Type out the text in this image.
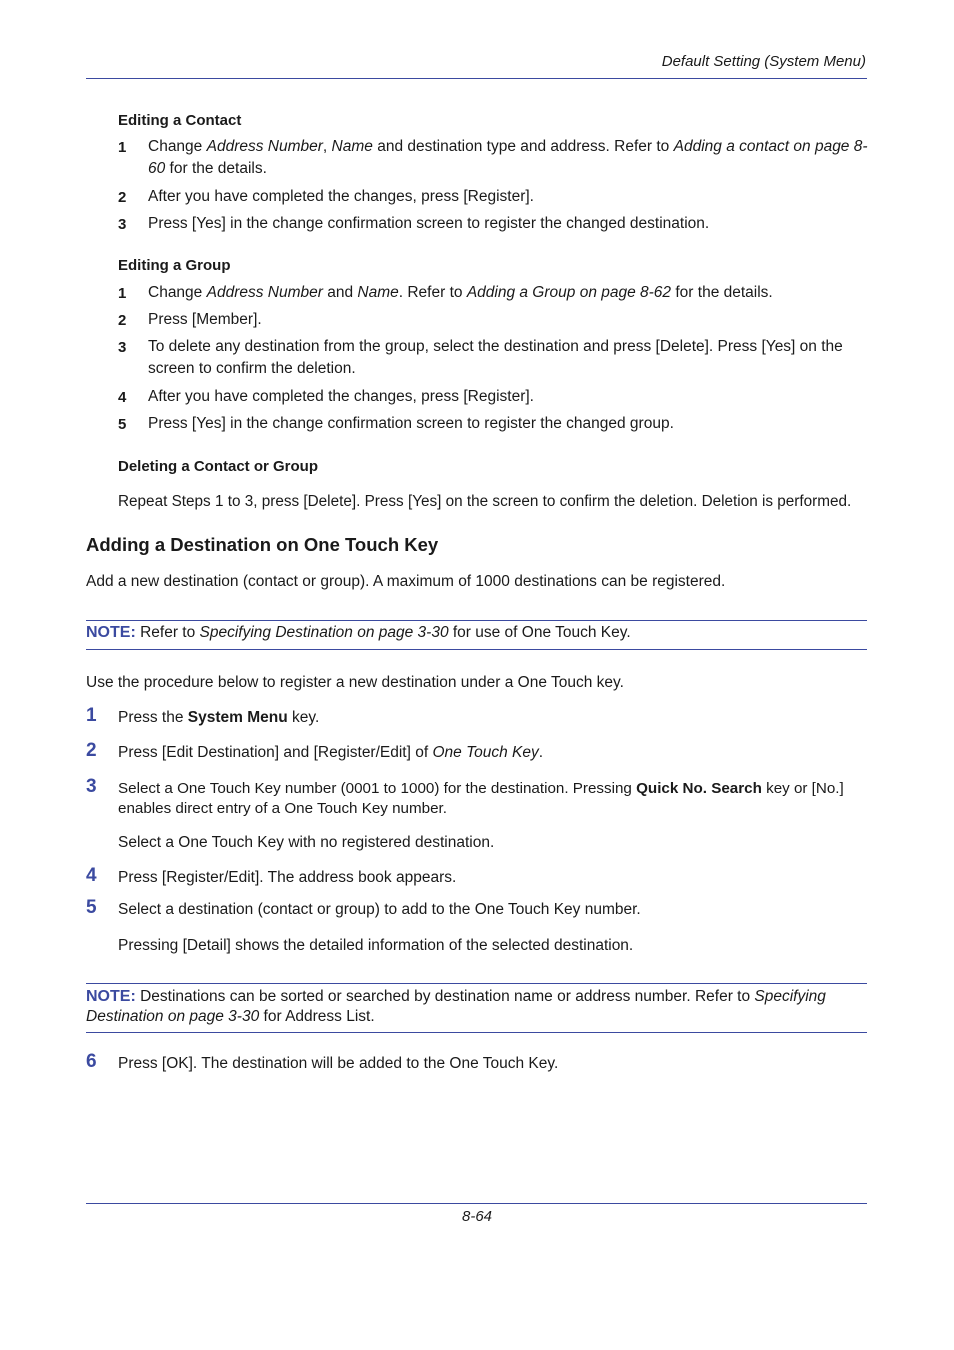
Default Setting (System Menu)
Editing a Contact
1 Change Address Number, Name and destination type and address. Refer to Adding a contact on page 8-60 for the details.
2 After you have completed the changes, press [Register].
3 Press [Yes] in the change confirmation screen to register the changed destination.
Editing a Group
1 Change Address Number and Name. Refer to Adding a Group on page 8-62 for the details.
2 Press [Member].
3 To delete any destination from the group, select the destination and press [Delete]. Press [Yes] on the screen to confirm the deletion.
4 After you have completed the changes, press [Register].
5 Press [Yes] in the change confirmation screen to register the changed group.
Deleting a Contact or Group
Repeat Steps 1 to 3, press [Delete]. Press [Yes] on the screen to confirm the deletion. Deletion is performed.
Adding a Destination on One Touch Key
Add a new destination (contact or group). A maximum of 1000 destinations can be registered.
NOTE: Refer to Specifying Destination on page 3-30 for use of One Touch Key.
Use the procedure below to register a new destination under a One Touch key.
1 Press the System Menu key.
2 Press [Edit Destination] and [Register/Edit] of One Touch Key.
3 Select a One Touch Key number (0001 to 1000) for the destination. Pressing Quick No. Search key or [No.] enables direct entry of a One Touch Key number.
Select a One Touch Key with no registered destination.
4 Press [Register/Edit]. The address book appears.
5 Select a destination (contact or group) to add to the One Touch Key number.
Pressing [Detail] shows the detailed information of the selected destination.
NOTE: Destinations can be sorted or searched by destination name or address number. Refer to Specifying Destination on page 3-30 for Address List.
6 Press [OK]. The destination will be added to the One Touch Key.
8-64
